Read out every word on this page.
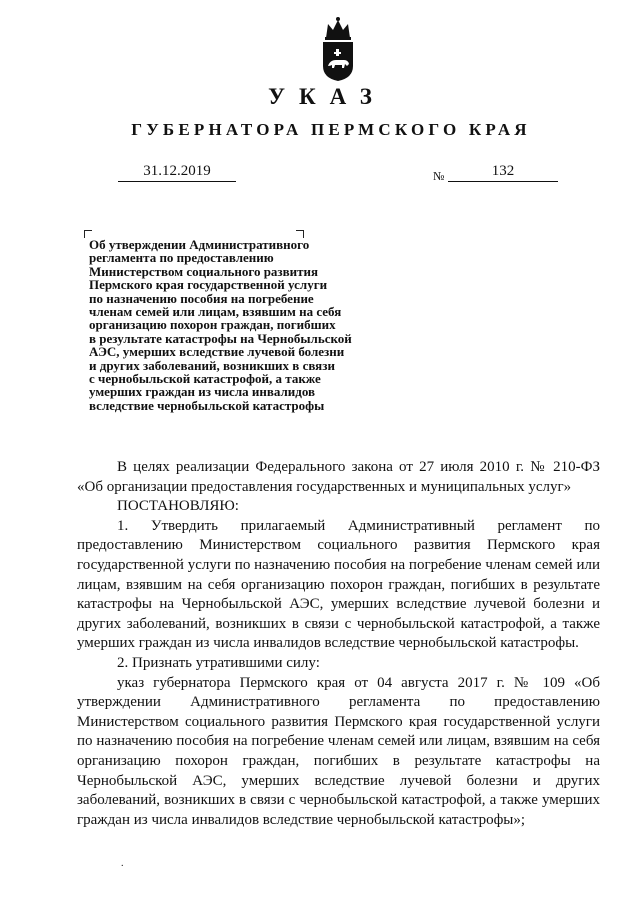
УКАЗ
ГУБЕРНАТОРА ПЕРМСКОГО КРАЯ
31.12.2019	№	132
Об утверждении Административного
регламента по предоставлению
Министерством социального развития
Пермского края государственной услуги
по назначению пособия на погребение
членам семей или лицам, взявшим на себя
организацию похорон граждан, погибших
в результате катастрофы на Чернобыльской
АЭС, умерших вследствие лучевой болезни
и других заболеваний, возникших в связи
с чернобыльской катастрофой, а также
умерших граждан из числа инвалидов
вследствие чернобыльской катастрофы

В целях реализации Федерального закона от 27 июля 2010 г. № 210-ФЗ «Об организации предоставления государственных и муниципальных услуг»

ПОСТАНОВЛЯЮ:

1. Утвердить прилагаемый Административный регламент по предоставлению Министерством социального развития Пермского края государственной услуги по назначению пособия на погребение членам семей или лицам, взявшим на себя организацию похорон граждан, погибших в результате катастрофы на Чернобыльской АЭС, умерших вследствие лучевой болезни и других заболеваний, возникших в связи с чернобыльской катастрофой, а также умерших граждан из числа инвалидов вследствие чернобыльской катастрофы.

2. Признать утратившими силу:

указ губернатора Пермского края от 04 августа 2017 г. № 109 «Об утверждении Административного регламента по предоставлению Министерством социального развития Пермского края государственной услуги по назначению пособия на погребение членам семей или лицам, взявшим на себя организацию похорон граждан, погибших в результате катастрофы на Чернобыльской АЭС, умерших вследствие лучевой болезни и других заболеваний, возникших в связи с чернобыльской катастрофой, а также умерших граждан из числа инвалидов вследствие чернобыльской катастрофы»;

.
